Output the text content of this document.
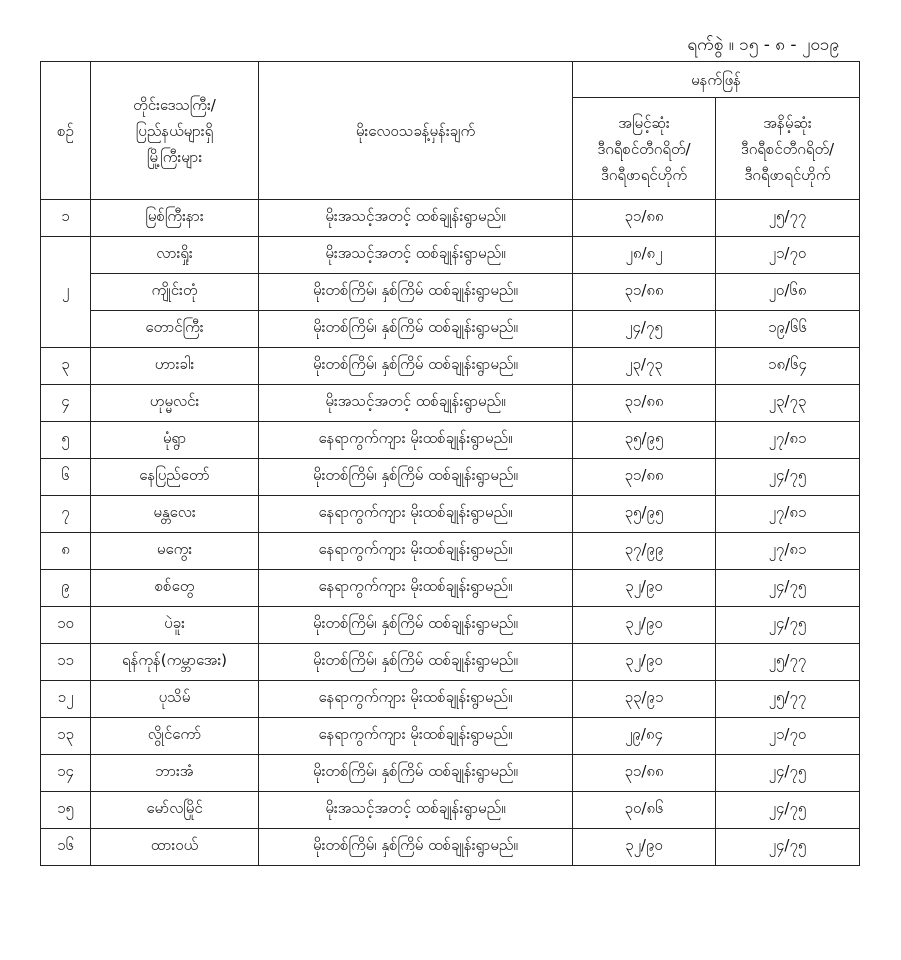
ရက်စွဲ ။ ၁၅ - ၈ - ၂၀၁၉
စဉ်	တိုင်းဒေသကြီး/
ပြည်နယ်များရှိ
မြို့ကြီးများ	မိုးလေဝသခန့်မှန်းချက်	မနက်ဖြန်	

			အမြင့်ဆုံး
ဒီဂရီစင်တီဂရိတ်/
ဒီဂရီဖာရင်ဟိုက်	အနိမ့်ဆုံး
ဒီဂရီစင်တီဂရိတ်/
ဒီဂရီဖာရင်ဟိုက်

၁	မြစ်ကြီးနား	မိုးအသင့်အတင့် ထစ်ချုန်းရွာမည်။	၃၁/၈၈	၂၅/၇၇
၂	လားရှိုး	မိုးအသင့်အတင့် ထစ်ချုန်းရွာမည်။	၂၈/၈၂	၂၁/၇၀
	ကျိုင်းတုံ	မိုးတစ်ကြိမ်၊ နှစ်ကြိမ် ထစ်ချုန်းရွာမည်။	၃၁/၈၈	၂၀/၆၈
	တောင်ကြီး	မိုးတစ်ကြိမ်၊ နှစ်ကြိမ် ထစ်ချုန်းရွာမည်။	၂၄/၇၅	၁၉/၆၆
၃	ဟားခါး	မိုးတစ်ကြိမ်၊ နှစ်ကြိမ် ထစ်ချုန်းရွာမည်။	၂၃/၇၃	၁၈/၆၄
၄	ဟုမ္မလင်း	မိုးအသင့်အတင့် ထစ်ချုန်းရွာမည်။	၃၁/၈၈	၂၃/၇၃
၅	မုံရွာ	နေရာကွက်ကျား မိုးထစ်ချုန်းရွာမည်။	၃၅/၉၅	၂၇/၈၁
၆	နေပြည်တော်	မိုးတစ်ကြိမ်၊ နှစ်ကြိမ် ထစ်ချုန်းရွာမည်။	၃၁/၈၈	၂၄/၇၅
၇	မန္တလေး	နေရာကွက်ကျား မိုးထစ်ချုန်းရွာမည်။	၃၅/၉၅	၂၇/၈၁
၈	မကွေး	နေရာကွက်ကျား မိုးထစ်ချုန်းရွာမည်။	၃၇/၉၉	၂၇/၈၁
၉	စစ်တွေ	နေရာကွက်ကျား မိုးထစ်ချုန်းရွာမည်။	၃၂/၉၀	၂၄/၇၅
၁၀	ပဲခူး	မိုးတစ်ကြိမ်၊ နှစ်ကြိမ် ထစ်ချုန်းရွာမည်။	၃၂/၉၀	၂၄/၇၅
၁၁	ရန်ကုန်(ကမ္ဘာအေး)	မိုးတစ်ကြိမ်၊ နှစ်ကြိမ် ထစ်ချုန်းရွာမည်။	၃၂/၉၀	၂၅/၇၇
၁၂	ပုသိမ်	နေရာကွက်ကျား မိုးထစ်ချုန်းရွာမည်။	၃၃/၉၁	၂၅/၇၇
၁၃	လွိုင်ကော်	နေရာကွက်ကျား မိုးထစ်ချုန်းရွာမည်။	၂၉/၈၄	၂၁/၇၀
၁၄	ဘားအံ	မိုးတစ်ကြိမ်၊ နှစ်ကြိမ် ထစ်ချုန်းရွာမည်။	၃၁/၈၈	၂၄/၇၅
၁၅	မော်လမြိုင်	မိုးအသင့်အတင့် ထစ်ချုန်းရွာမည်။	၃၀/၈၆	၂၄/၇၅
၁၆	ထားဝယ်	မိုးတစ်ကြိမ်၊ နှစ်ကြိမ် ထစ်ချုန်းရွာမည်။	၃၂/၉၀	၂၄/၇၅
